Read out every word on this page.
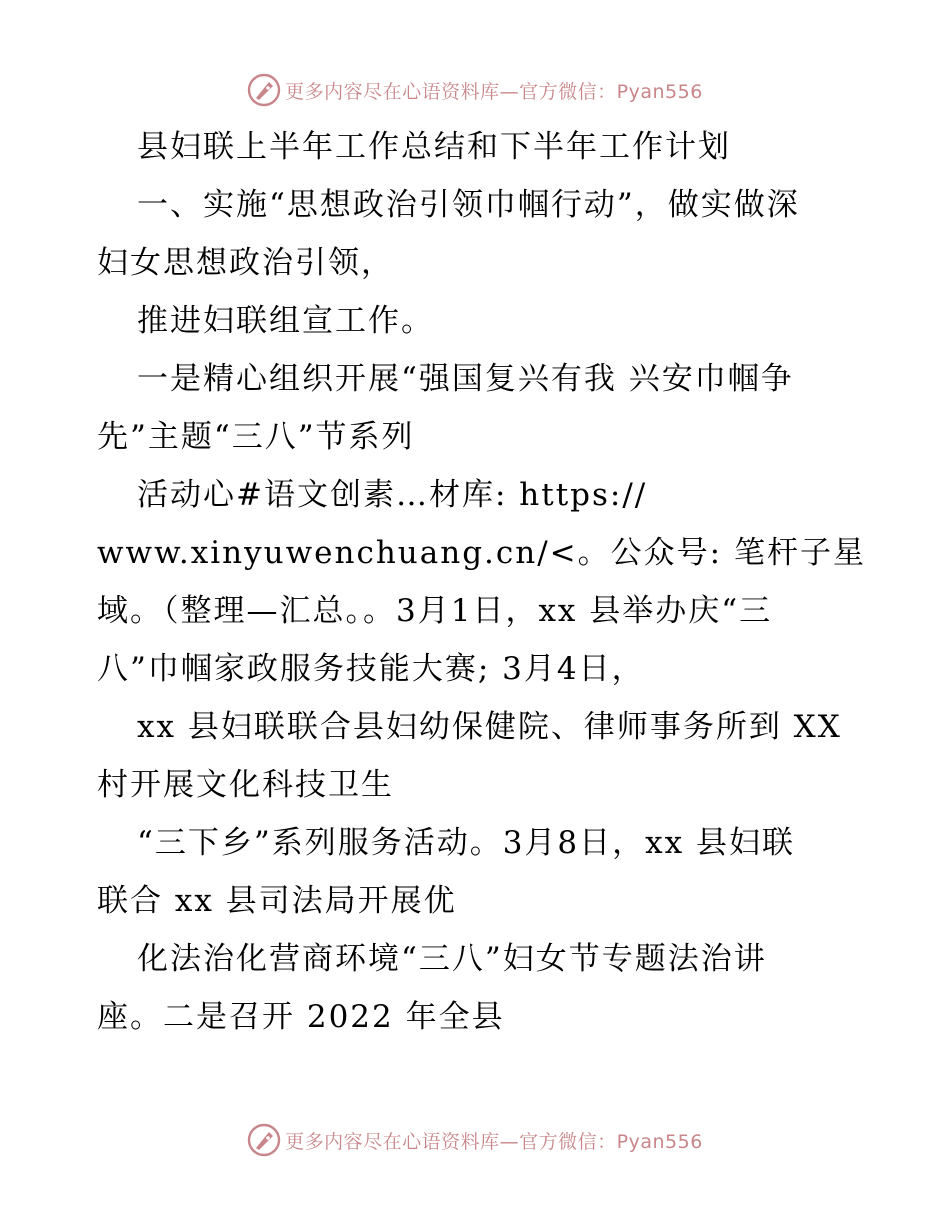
更多内容尽在心语资料库—官方微信：Pyan556
县妇联上半年工作总结和下半年工作计划
一、实施“思想政治引领巾帼行动”，做实做深
妇女思想政治引领，
推进妇联组宣工作。
一是精心组织开展“强国复兴有我 兴安巾帼争
先”主题“三八”节系列
活动心#语文创素…材库: https://
www.xinyuwenchuang.cn/<。公众号: 笔杆子星
域。（整理—汇总。。3月1日，xx 县举办庆“三
八”巾帼家政服务技能大赛; 3月4日，
xx 县妇联联合县妇幼保健院、律师事务所到 XX
村开展文化科技卫生
“三下乡”系列服务活动。3月8日，xx 县妇联
联合 xx 县司法局开展优
化法治化营商环境“三八”妇女节专题法治讲
座。二是召开 2022 年全县
更多内容尽在心语资料库—官方微信：Pyan556
